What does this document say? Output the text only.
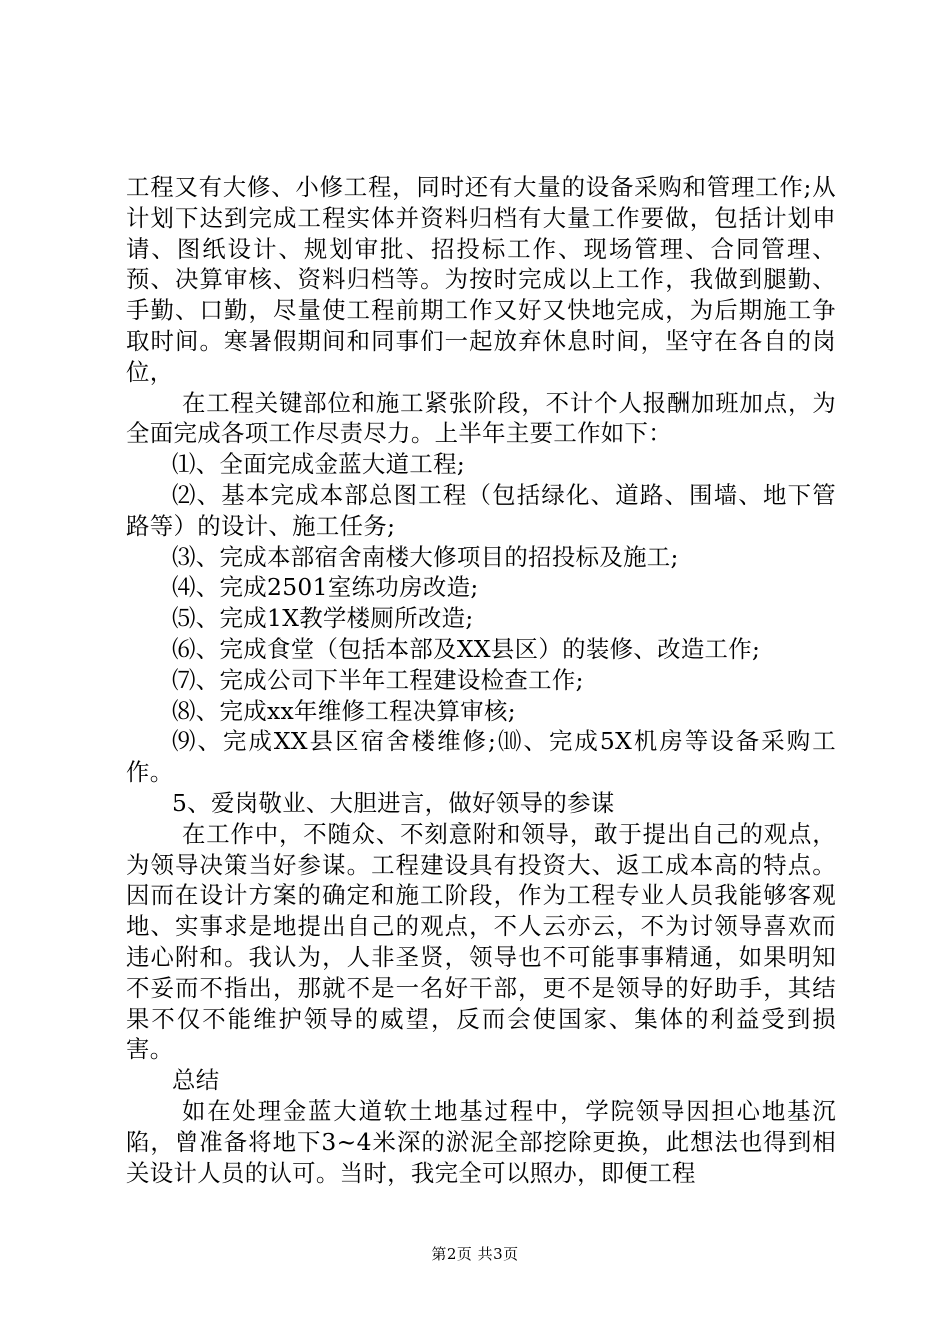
工程又有大修、小修工程，同时还有大量的设备采购和管理工作;从计划下达到完成工程实体并资料归档有大量工作要做，包括计划申请、图纸设计、规划审批、招投标工作、现场管理、合同管理、预、决算审核、资料归档等。为按时完成以上工作，我做到腿勤、手勤、口勤，尽量使工程前期工作又好又快地完成，为后期施工争取时间。寒暑假期间和同事们一起放弃休息时间，坚守在各自的岗位，

在工程关键部位和施工紧张阶段，不计个人报酬加班加点，为全面完成各项工作尽责尽力。上半年主要工作如下：

⑴、全面完成金蓝大道工程;

⑵、基本完成本部总图工程（包括绿化、道路、围墙、地下管路等）的设计、施工任务;

⑶、完成本部宿舍南楼大修项目的招投标及施工;

⑷、完成2501室练功房改造;

⑸、完成1X教学楼厕所改造;

⑹、完成食堂（包括本部及XX县区）的装修、改造工作;

⑺、完成公司下半年工程建设检查工作;

⑻、完成xx年维修工程决算审核;

⑼、完成XX县区宿舍楼维修;⑽、完成5X机房等设备采购工作。

5、爱岗敬业、大胆进言，做好领导的参谋

在工作中，不随众、不刻意附和领导，敢于提出自己的观点，为领导决策当好参谋。工程建设具有投资大、返工成本高的特点。因而在设计方案的确定和施工阶段，作为工程专业人员我能够客观地、实事求是地提出自己的观点，不人云亦云，不为讨领导喜欢而违心附和。我认为，人非圣贤，领导也不可能事事精通，如果明知不妥而不指出，那就不是一名好干部，更不是领导的好助手，其结果不仅不能维护领导的威望，反而会使国家、集体的利益受到损害。

总结

如在处理金蓝大道软土地基过程中，学院领导因担心地基沉陷，曾准备将地下3~4米深的淤泥全部挖除更换，此想法也得到相关设计人员的认可。当时，我完全可以照办，即便工程

第2页 共3页
